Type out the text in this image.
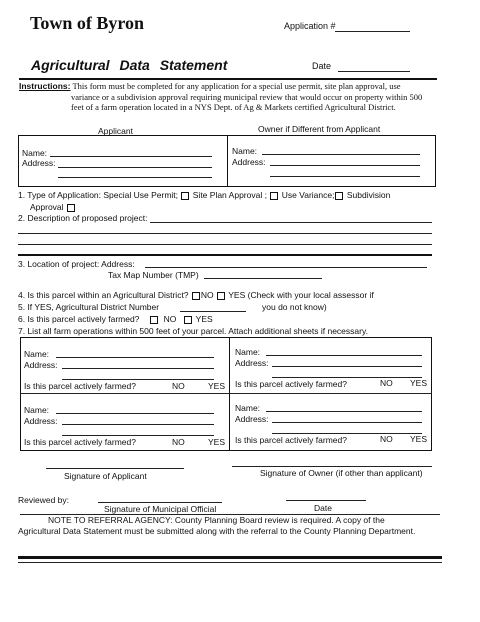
Town of Byron	Application #
Agricultural Data Statement	Date
Instructions: This form must be completed for any application for a special use permit, site plan approval, use
variance or a subdivision approval requiring municipal review that would occur on property within 500
feet of a farm operation located in a NYS Dept. of Ag & Markets certified Agricultural District.
Applicant	Owner if Different from Applicant
Name:
Address:
Name:
Address:
1. Type of Application: Special Use Permit; Site Plan Approval ; Use Variance; Subdivision
Approval
2. Description of proposed project:
3. Location of project: Address:
Tax Map Number (TMP)
4. Is this parcel within an Agricultural District? NO YES (Check with your local assessor if
5. If YES, Agricultural District Number	you do not know)
6. Is this parcel actively farmed?	NO YES
7. List all farm operations within 500 feet of your parcel. Attach additional sheets if necessary.
Name:
Address:
Is this parcel actively farmed?	NO	YES
Name:
Address:
Is this parcel actively farmed?	NO YES
Name:
Address:
Is this parcel actively farmed?	NO	YES
Name:
Address:
Is this parcel actively farmed?	NO YES
Signature of Applicant	Signature of Owner (if other than applicant)
Reviewed by:
Signature of Municipal Official	Date
NOTE TO REFERRAL AGENCY: County Planning Board review is required. A copy of the
Agricultural Data Statement must be submitted along with the referral to the County Planning Department.
